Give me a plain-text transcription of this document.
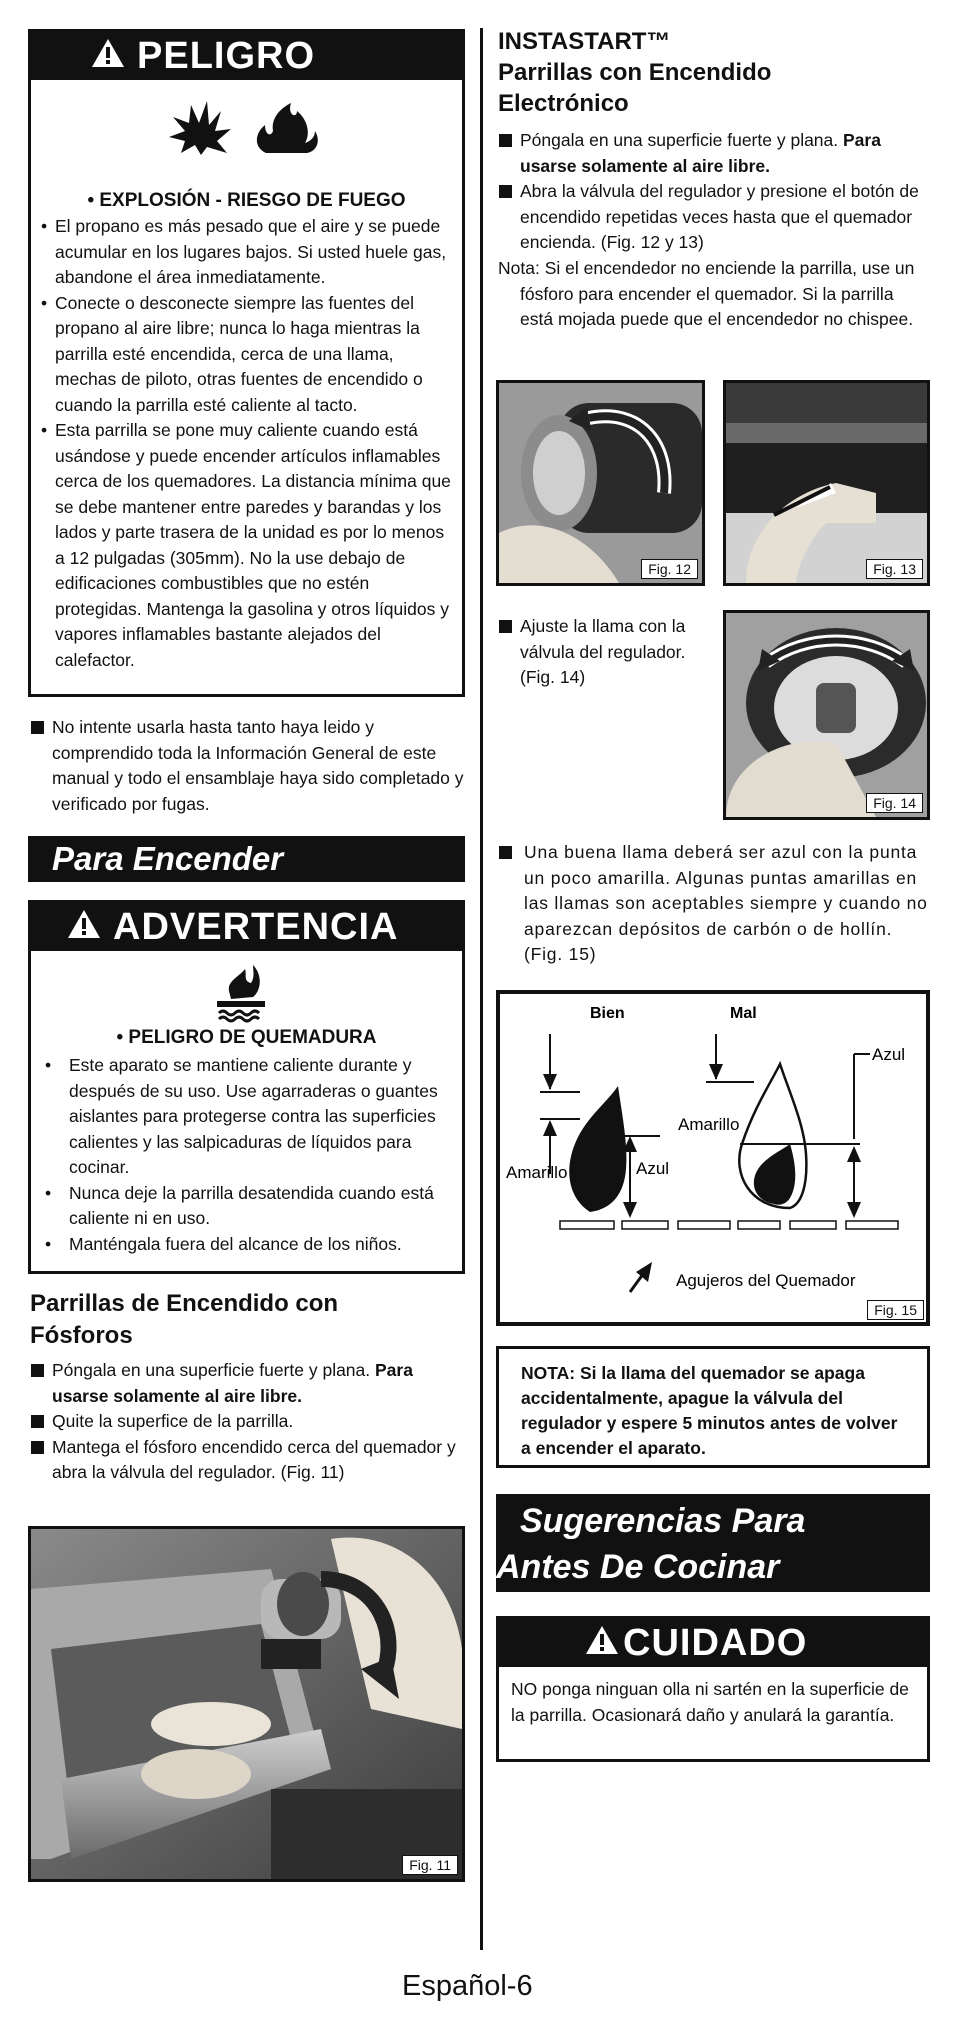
PELIGRO
• EXPLOSIÓN - RIESGO DE FUEGO
• El propano es más pesado que el aire y se puede acumular en los lugares bajos. Si usted huele gas, abandone el área inmediatamente.
• Conecte o desconecte siempre las fuentes del propano al aire libre; nunca lo haga mientras la parrilla esté encendida, cerca de una llama, mechas de piloto, otras fuentes de encendido o cuando la parrilla esté caliente al tacto.
• Esta parrilla se pone muy caliente cuando está usándose y puede encender artículos inflamables cerca de los quemadores. La distancia mínima que se debe mantener entre paredes y barandas y los lados y parte trasera de la unidad es por lo menos a 12 pulgadas (305mm). No la use debajo de edificaciones combustibles que no estén protegidas. Mantenga la gasolina y otros líquidos y vapores inflamables bastante alejados del calefactor.
No intente usarla hasta tanto haya leido y comprendido toda la Información General de este manual y todo el ensamblaje haya sido completado y verificado por fugas.
Para Encender
ADVERTENCIA
• PELIGRO DE QUEMADURA
• Este aparato se mantiene caliente durante y después de su uso. Use agarraderas o guantes aislantes para protegerse contra las superficies calientes y las salpicaduras de líquidos para cocinar.
• Nunca deje la parrilla desatendida cuando está caliente ni en uso.
• Manténgala fuera del alcance de los niños.
Parrillas de Encendido con
Fósforos
Póngala en una superficie fuerte y plana. Para usarse solamente al aire libre.
Quite la superfice de la parrilla.
Mantega el fósforo encendido cerca del quemador y abra la válvula del regulador. (Fig. 11)
Fig. 11
INSTASTART™
Parrillas con Encendido
Electrónico
Póngala en una superficie fuerte y plana. Para usarse solamente al aire libre.
Abra la válvula del regulador y presione el botón de encendido repetidas veces hasta que el quemador encienda. (Fig. 12 y 13)
Nota: Si el encendedor no enciende la parrilla, use un fósforo para encender el quemador. Si la parrilla está mojada puede que el encendedor no chispee.
Fig. 12	Fig. 13
Ajuste la llama con la válvula del regulador. (Fig. 14)
Fig. 14
Una buena llama deberá ser azul con la punta un poco amarilla. Algunas puntas amarillas en las llamas son aceptables siempre y cuando no aparezcan depósitos de carbón o de hollín. (Fig. 15)
Bien	Mal
Azul
Amarillo
Amarillo	Azul
Agujeros del Quemador
Fig. 15
NOTA: Si la llama del quemador se apaga accidentalmente, apague la válvula del regulador y espere 5 minutos antes de volver a encender el aparato.
Sugerencias Para
Antes De Cocinar
CUIDADO
NO ponga ninguan olla ni sartén en la superficie de la parrilla. Ocasionará daño y anulará la garantía.
Español-6
